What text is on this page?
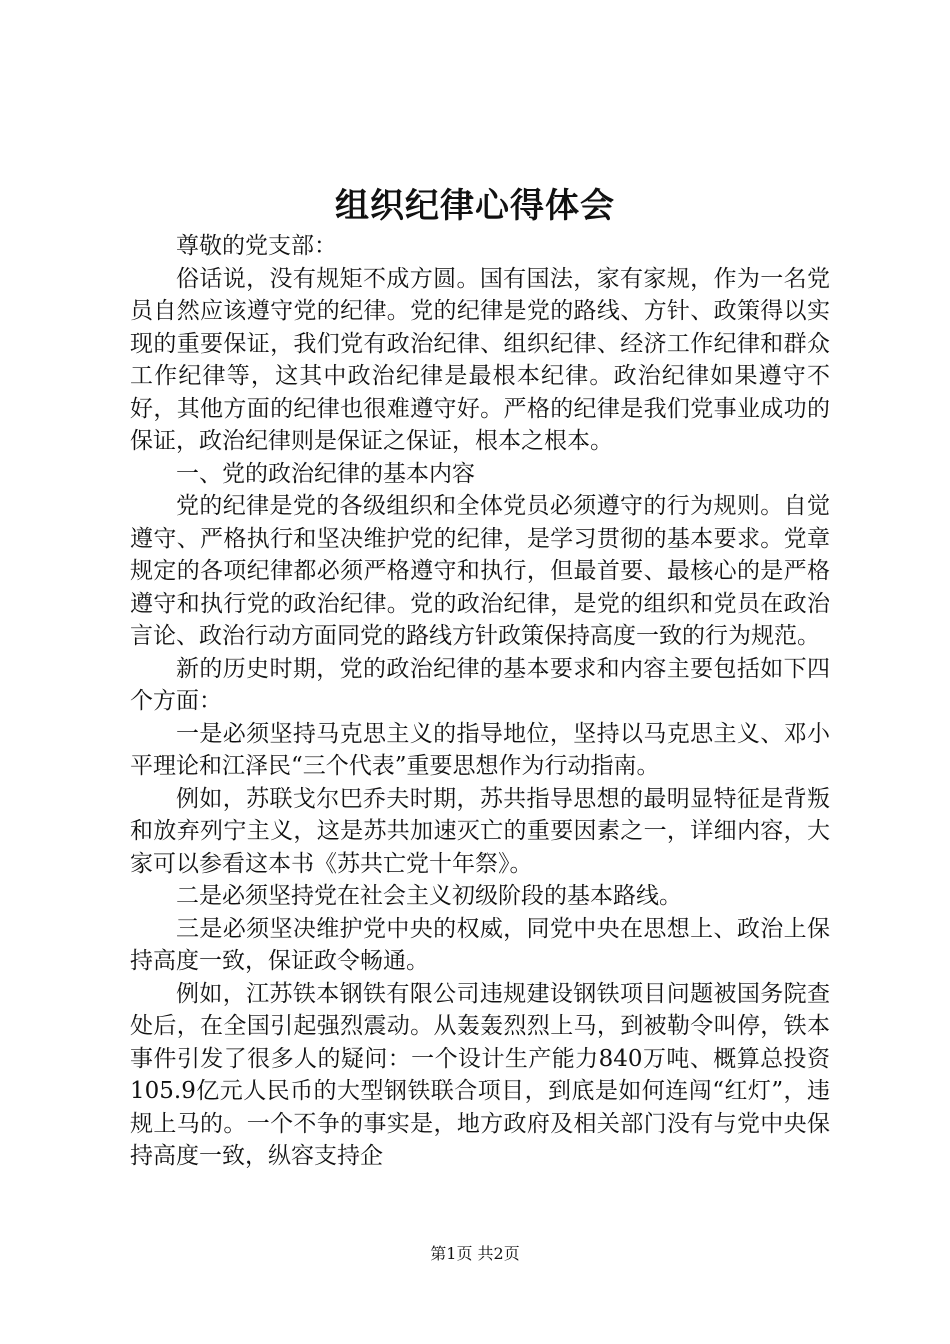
组织纪律心得体会

尊敬的党支部：

俗话说，没有规矩不成方圆。国有国法，家有家规，作为一名党员自然应该遵守党的纪律。党的纪律是党的路线、方针、政策得以实现的重要保证，我们党有政治纪律、组织纪律、经济工作纪律和群众工作纪律等，这其中政治纪律是最根本纪律。政治纪律如果遵守不好，其他方面的纪律也很难遵守好。严格的纪律是我们党事业成功的保证，政治纪律则是保证之保证，根本之根本。

一、党的政治纪律的基本内容

党的纪律是党的各级组织和全体党员必须遵守的行为规则。自觉遵守、严格执行和坚决维护党的纪律，是学习贯彻的基本要求。党章规定的各项纪律都必须严格遵守和执行，但最首要、最核心的是严格遵守和执行党的政治纪律。党的政治纪律，是党的组织和党员在政治言论、政治行动方面同党的路线方针政策保持高度一致的行为规范。

新的历史时期，党的政治纪律的基本要求和内容主要包括如下四个方面：

一是必须坚持马克思主义的指导地位，坚持以马克思主义、邓小平理论和江泽民“三个代表”重要思想作为行动指南。

例如，苏联戈尔巴乔夫时期，苏共指导思想的最明显特征是背叛和放弃列宁主义，这是苏共加速灭亡的重要因素之一，详细内容，大家可以参看这本书《苏共亡党十年祭》。

二是必须坚持党在社会主义初级阶段的基本路线。

三是必须坚决维护党中央的权威，同党中央在思想上、政治上保持高度一致，保证政令畅通。

例如，江苏铁本钢铁有限公司违规建设钢铁项目问题被国务院查处后，在全国引起强烈震动。从轰轰烈烈上马，到被勒令叫停，铁本事件引发了很多人的疑问：一个设计生产能力840万吨、概算总投资105.9亿元人民币的大型钢铁联合项目，到底是如何连闯“红灯”，违规上马的。一个不争的事实是，地方政府及相关部门没有与党中央保持高度一致，纵容支持企

第1页 共2页
